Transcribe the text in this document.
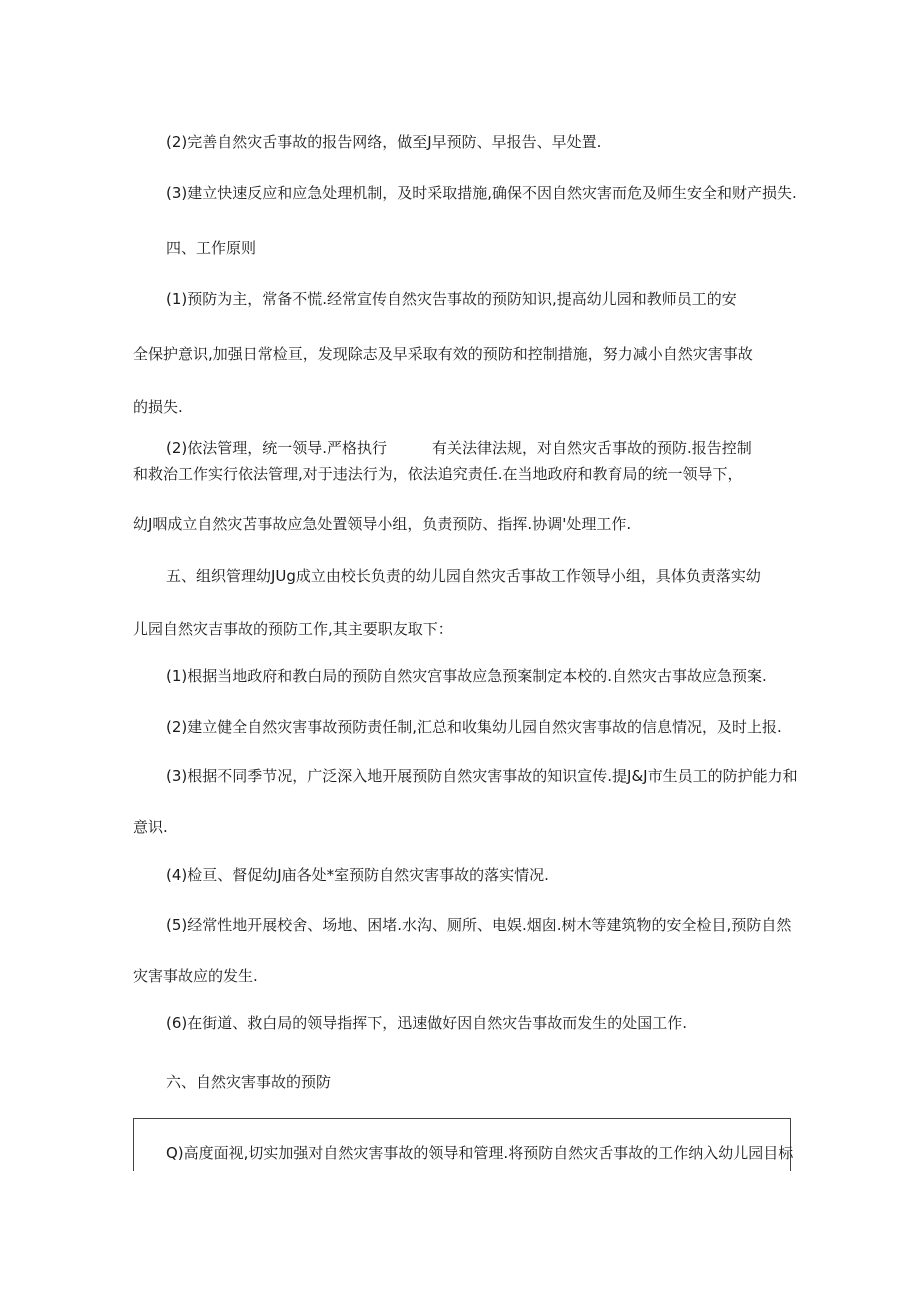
(2)完善自然灾舌事故的报告网络，做至J早预防、早报告、早处置.
(3)建立快速反应和应急处理机制，及时采取措施,确保不因自然灾害而危及师生安全和财产损失.
四、工作原则
(1)预防为主，常备不慌.经常宣传自然灾告事故的预防知识,提高幼儿园和教师员工的安
全保护意识,加强日常检亘，发现除志及早采取有效的预防和控制措施，努力减小自然灾害事故
的损失.
(2)依法管理，统一领导.严格执行	有关法律法规，对自然灾舌事故的预防.报告控制
和救治工作实行依法管理,对于违法行为，依法追究责任.在当地政府和教育局的统一领导下，
幼J咽成立自然灾苫事故应急处置领导小组，负责预防、指挥.协调'处理工作.
五、组织管理幼JUg成立由校长负责的幼儿园自然灾舌事故工作领导小组，具体负责落实幼
儿园自然灾吉事故的预防工作,其主要职友取下：
(1)根据当地政府和教白局的预防自然灾宫事故应急预案制定本校的.自然灾古事故应急预案.
(2)建立健全自然灾害事故预防责任制,汇总和收集幼儿园自然灾害事故的信息情况，及时上报.
(3)根据不同季节况，广泛深入地开展预防自然灾害事故的知识宣传.提J&J市生员工的防护能力和
意识.
(4)检亘、督促幼J庙各处*室预防自然灾害事故的落实情况.
(5)经常性地开展校舍、场地、困堵.水沟、厕所、电娱.烟囱.树木等建筑物的安全检目,预防自然
灾害事故应的发生.
(6)在街道、救白局的领导指挥下，迅速做好因自然灾告事故而发生的处国工作.
六、自然灾害事故的预防
Q)高度面视,切实加强对自然灾害事故的领导和管理.将预防自然灾舌事故的工作纳入幼儿园目标
